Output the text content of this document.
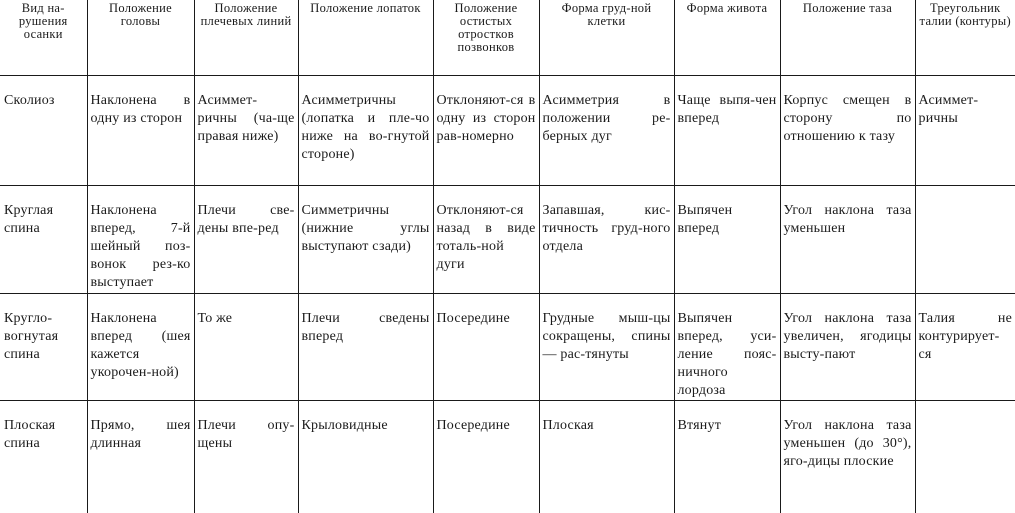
Вид на-рушения осанки	Положение головы	Положение плечевых линий	Положение лопаток	Положение остистых отростков позвонков	Форма груд-ной клетки	Форма живота	Положение таза	Треугольник талии (контуры)
Сколиоз	Наклонена в одну из сторон	Асиммет-ричны (ча-ще правая ниже)	Асимметричны (лопатка и пле-чо ниже на во-гнутой стороне)	Отклоняют-ся в одну из сторон рав-номерно	Асимметрия в положении ре-берных дуг	Чаще выпя-чен вперед	Корпус смещен в сторону по отношению к тазу	Асиммет-ричны
Круглая спина	Наклонена вперед, 7-й шейный поз-вонок рез-ко выступает	Плечи све-дены впе-ред	Симметричны (нижние углы выступают сзади)	Отклоняют-ся назад в виде тоталь-ной дуги	Запавшая, кис-тичность груд-ного отдела	Выпячен вперед	Угол наклона таза уменьшен	
Кругло-вогнутая спина	Наклонена вперед (шея кажется укорочен-ной)	То же	Плечи сведены вперед	Посередине	Грудные мыш-цы сокращены, спины — рас-тянуты	Выпячен вперед, уси-ление пояс-ничного лордоза	Угол наклона таза увеличен, ягодицы высту-пают	Талия не контурирует-ся
Плоская спина	Прямо, шея длинная	Плечи опу-щены	Крыловидные	Посередине	Плоская	Втянут	Угол наклона таза уменьшен (до 30°), яго-дицы плоские	
